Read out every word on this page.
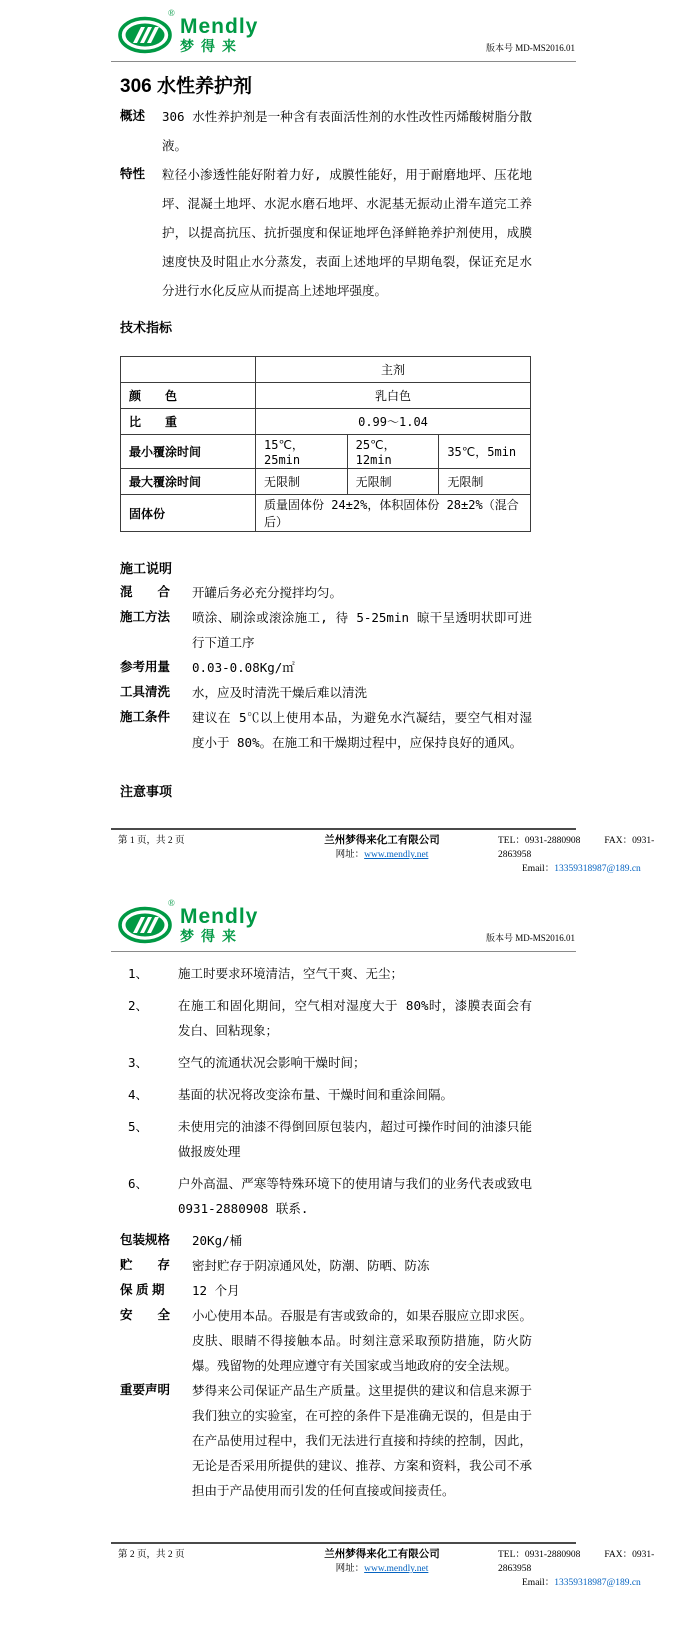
®
Mendly
梦得来	版本号 MD-MS2016.01
306 水性养护剂
概述	306 水性养护剂是一种含有表面活性剂的水性改性丙烯酸树脂分散液。
特性	粒径小渗透性能好附着力好, 成膜性能好，用于耐磨地坪、压花地坪、混凝土地坪、水泥水磨石地坪、水泥基无振动止滑车道完工养护，以提高抗压、抗折强度和保证地坪色泽鲜艳养护剂使用，成膜速度快及时阻止水分蒸发，表面上述地坪的早期龟裂，保证充足水分进行水化反应从而提高上述地坪强度。
技术指标
	主剂		
颜　　色	乳白色		
比　　重	0.99～1.04		
最小覆涂时间	15℃，25min	25℃，12min	35℃，5min
最大覆涂时间	无限制	无限制	无限制
固体份	质量固体份 24±2%，体积固体份 28±2%（混合后）		
施工说明
混　　合	开罐后务必充分搅拌均匀。
施工方法	喷涂、刷涂或滚涂施工, 待 5-25min 晾干呈透明状即可进行下道工序
参考用量	0.03-0.08Kg/㎡
工具清洗	水，应及时清洗干燥后难以清洗
施工条件	建议在 5℃以上使用本品，为避免水汽凝结，要空气相对湿度小于 80%。在施工和干燥期过程中，应保持良好的通风。
注意事项
第 1 页，共 2 页	兰州梦得来化工有限公司
网址：www.mendly.net
TEL：0931-2880908	FAX：0931-2863958
Email：13359318987@189.cn
®
Mendly
梦得来	版本号 MD-MS2016.01
1、	施工时要求环境清洁，空气干爽、无尘；
2、	在施工和固化期间，空气相对湿度大于 80%时，漆膜表面会有发白、回粘现象；
3、	空气的流通状况会影响干燥时间；
4、	基面的状况将改变涂布量、干燥时间和重涂间隔。
5、	未使用完的油漆不得倒回原包装内，超过可操作时间的油漆只能做报废处理
6、	户外高温、严寒等特殊环境下的使用请与我们的业务代表或致电 0931-2880908 联系.
包装规格	20Kg/桶
贮　　存	密封贮存于阴凉通风处，防潮、防晒、防冻
保 质 期	12 个月
安　　全	小心使用本品。吞服是有害或致命的，如果吞服应立即求医。皮肤、眼睛不得接触本品。时刻注意采取预防措施，防火防爆。残留物的处理应遵守有关国家或当地政府的安全法规。
重要声明	梦得来公司保证产品生产质量。这里提供的建议和信息来源于我们独立的实验室，在可控的条件下是准确无误的，但是由于在产品使用过程中，我们无法进行直接和持续的控制，因此，无论是否采用所提供的建议、推荐、方案和资料，我公司不承担由于产品使用而引发的任何直接或间接责任。
第 2 页，共 2 页	兰州梦得来化工有限公司
网址：www.mendly.net
TEL：0931-2880908	FAX：0931-2863958
Email：13359318987@189.cn
